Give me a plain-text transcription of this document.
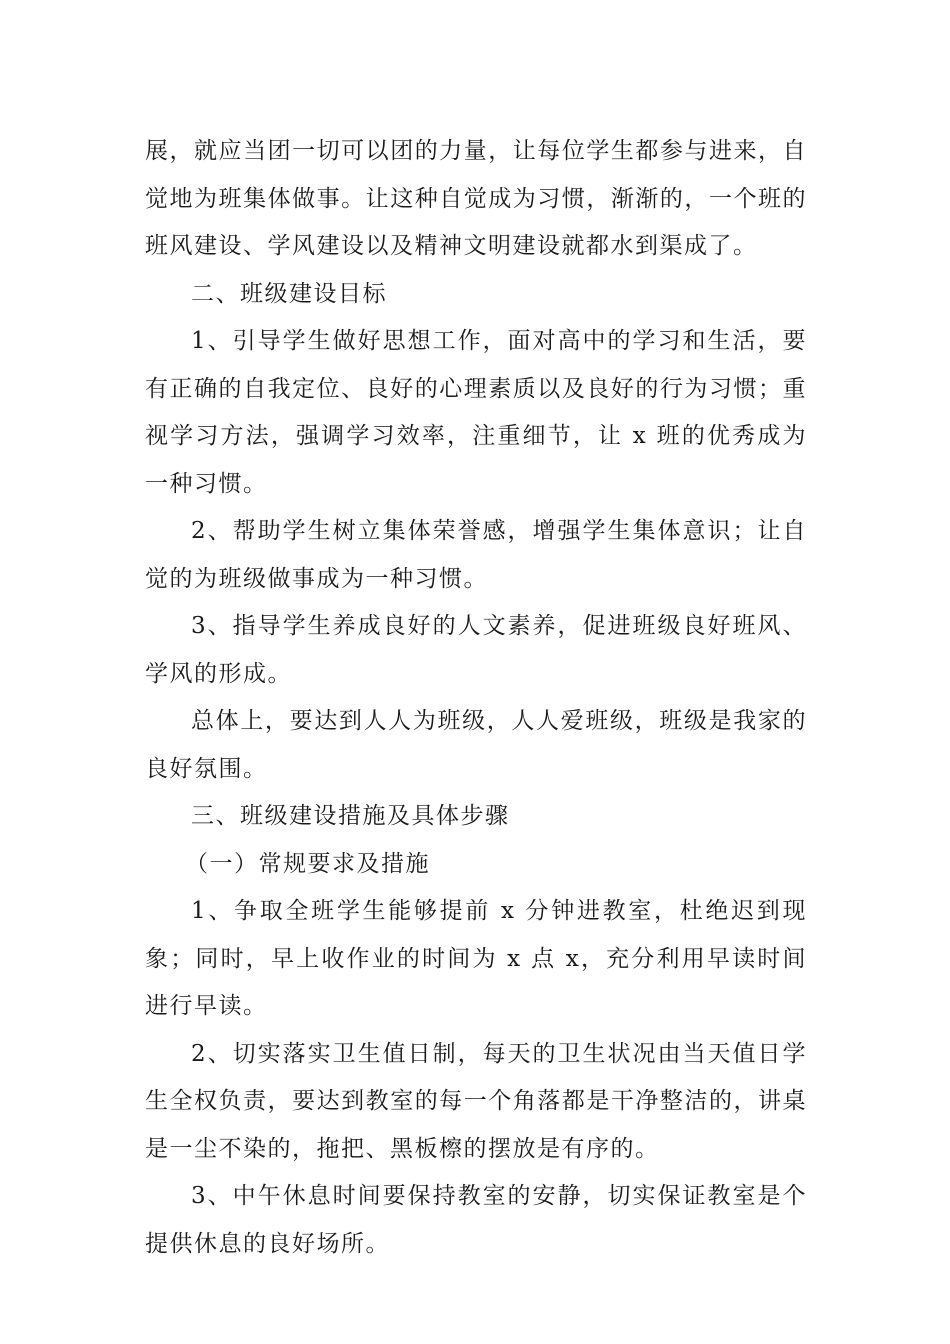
展，就应当团一切可以团的力量，让每位学生都参与进来，自觉地为班集体做事。让这种自觉成为习惯，渐渐的，一个班的班风建设、学风建设以及精神文明建设就都水到渠成了。

二、班级建设目标

1、引导学生做好思想工作，面对高中的学习和生活，要有正确的自我定位、良好的心理素质以及良好的行为习惯；重视学习方法，强调学习效率，注重细节，让 x 班的优秀成为一种习惯。

2、帮助学生树立集体荣誉感，增强学生集体意识；让自觉的为班级做事成为一种习惯。

3、指导学生养成良好的人文素养，促进班级良好班风、学风的形成。

总体上，要达到人人为班级，人人爱班级，班级是我家的良好氛围。

三、班级建设措施及具体步骤

（一）常规要求及措施

1、争取全班学生能够提前 x 分钟进教室，杜绝迟到现象；同时，早上收作业的时间为 x 点 x，充分利用早读时间进行早读。

2、切实落实卫生值日制，每天的卫生状况由当天值日学生全权负责，要达到教室的每一个角落都是干净整洁的，讲桌是一尘不染的，拖把、黑板檫的摆放是有序的。

3、中午休息时间要保持教室的安静，切实保证教室是个提供休息的良好场所。
